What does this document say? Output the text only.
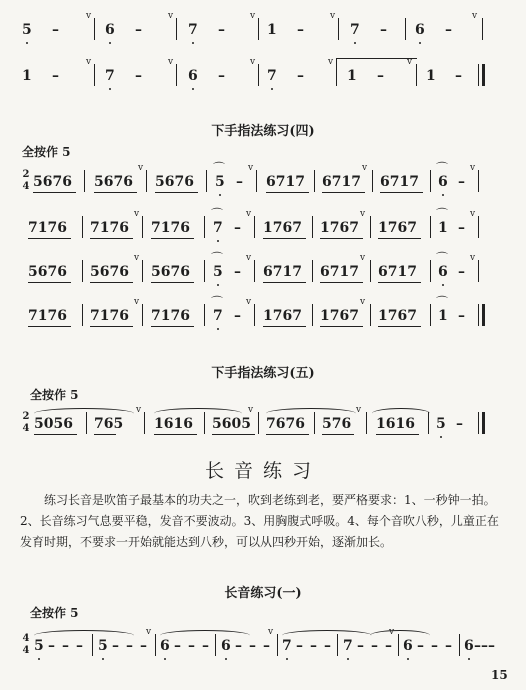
5 –
v
6 –
v
7 –
v
1 –
v
7 – 6 –
v
1 –
v
7 –
v
6 –
v
7 –
v
1 –
v
1 –
下手指法练习(四)
全按作 5
2
4 5676 5676
v
5676
⌒
5 –
v
6717 6717
v
6717
⌒
6 –
v
7176 7176
v
7176
⌒
7 –
v
1767 1767
v
1767
⌒
1 –
v
5676 5676
v
5676
⌒
5 –
v
6717 6717
v
6717
⌒
6 –
v
7176 7176
v
7176
⌒
7 –
v
1767 1767
v
1767
⌒
1 –
下手指法练习(五)
全按作 5
2
4 5056 765
v
1616 5605
v
7676 576
v
1616 5 –
长音练习
练习长音是吹笛子最基本的功夫之一，吹到老练到老，要严格要求：1、一秒钟一拍。2、长音练习气息要平稳，发音不要波动。3、用胸腹式呼吸。4、每个音吹八秒，儿童正在发育时期，不要求一开始就能达到八秒，可以从四秒开始，逐渐加长。
长音练习(一)
全按作 5
4
4 5 – – – 5 – – –
v
6 – – – 6 – – –
v
7 – – – 7 – – –
v
6 – – – 6 – – –
15
